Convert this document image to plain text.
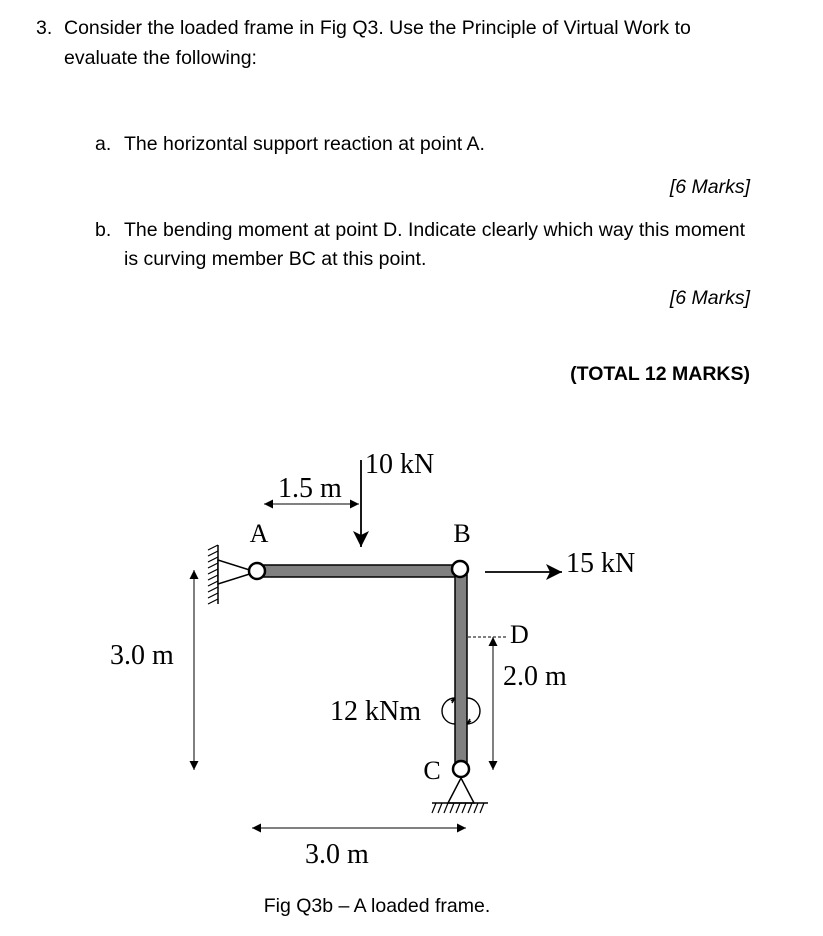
3. Consider the loaded frame in Fig Q3. Use the Principle of Virtual Work to
evaluate the following:
a. The horizontal support reaction at point A.
[6 Marks]
b. The bending moment at point D. Indicate clearly which way this moment
is curving member BC at this point.
[6 Marks]
(TOTAL 12 MARKS)
A	B
C
D
10 kN
1.5 m
15 kN
3.0 m
2.0 m
12 kNm
3.0 m
Fig Q3b – A loaded frame.
